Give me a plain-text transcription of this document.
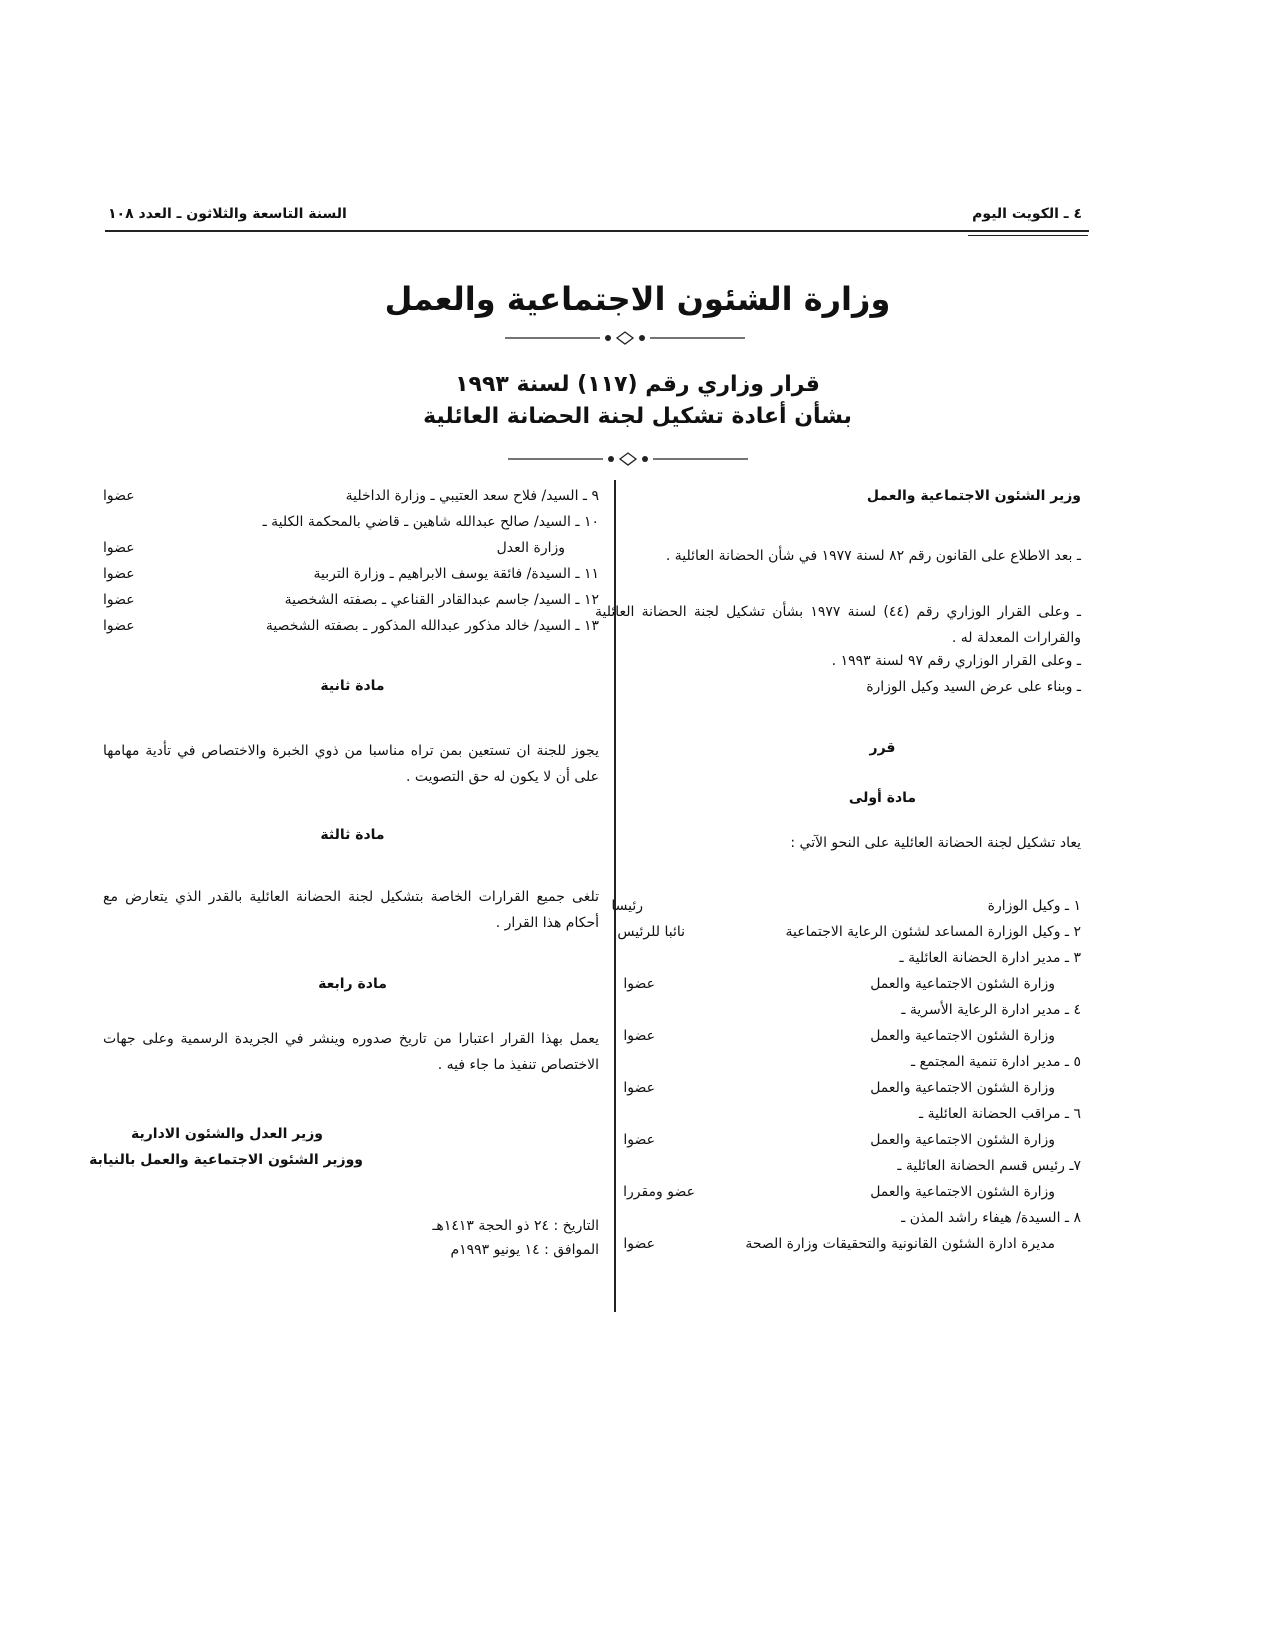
٤ ـ الكويت اليوم
السنة التاسعة والثلاثون ـ العدد ١٠٨
وزارة الشئون الاجتماعية والعمل
قرار وزاري رقم (١١٧) لسنة ١٩٩٣
بشأن أعادة تشكيل لجنة الحضانة العائلية
وزير الشئون الاجتماعية والعمل
ـ بعد الاطلاع على القانون رقم ٨٢ لسنة ١٩٧٧ في شأن الحضانة العائلية .
ـ وعلى القرار الوزاري رقم (٤٤) لسنة ١٩٧٧ بشأن تشكيل لجنة الحضانة العائلية والقرارات المعدلة له .
ـ وعلى القرار الوزاري رقم ٩٧ لسنة ١٩٩٣ .
ـ وبناء على عرض السيد وكيل الوزارة
قرر
مادة أولى
يعاد تشكيل لجنة الحضانة العائلية على النحو الآتي :
١ ـ وكيل الوزارة
رئيسا
٢ ـ وكيل الوزارة المساعد لشئون الرعاية الاجتماعية
نائبا للرئيس
٣ ـ مدير ادارة الحضانة العائلية ـ
وزارة الشئون الاجتماعية والعمل
عضوا
٤ ـ مدير ادارة الرعاية الأسرية ـ
وزارة الشئون الاجتماعية والعمل
عضوا
٥ ـ مدير ادارة تنمية المجتمع ـ
وزارة الشئون الاجتماعية والعمل
عضوا
٦ ـ مراقب الحضانة العائلية ـ
وزارة الشئون الاجتماعية والعمل
عضوا
٧ـ رئيس قسم الحضانة العائلية ـ
وزارة الشئون الاجتماعية والعمل
عضو ومقررا
٨ ـ السيدة/ هيفاء راشد المذن ـ
مديرة ادارة الشئون القانونية والتحقيقات وزارة الصحة
عضوا
٩ ـ السيد/ فلاح سعد العتيبي ـ وزارة الداخلية
عضوا
١٠ ـ السيد/ صالح عبدالله شاهين ـ قاضي بالمحكمة الكلية ـ
وزارة العدل
عضوا
١١ ـ السيدة/ فائقة يوسف الابراهيم ـ وزارة التربية
عضوا
١٢ ـ السيد/ جاسم عبدالقادر القناعي ـ بصفته الشخصية
عضوا
١٣ ـ السيد/ خالد مذكور عبدالله المذكور ـ بصفته الشخصية
عضوا
مادة ثانية
يجوز للجنة ان تستعين بمن تراه مناسبا من ذوي الخبرة والاختصاص في تأدية مهامها على أن لا يكون له حق التصويت .
مادة ثالثة
تلغى جميع القرارات الخاصة بتشكيل لجنة الحضانة العائلية بالقدر الذي يتعارض مع أحكام هذا القرار .
مادة رابعة
يعمل بهذا القرار اعتبارا من تاريخ صدوره وينشر في الجريدة الرسمية وعلى جهات الاختصاص تنفيذ ما جاء فيه .
وزير العدل والشئون الادارية
ووزير الشئون الاجتماعية والعمل بالنيابة
التاريخ : ٢٤ ذو الحجة ١٤١٣هـ
الموافق : ١٤ يونيو ١٩٩٣م
